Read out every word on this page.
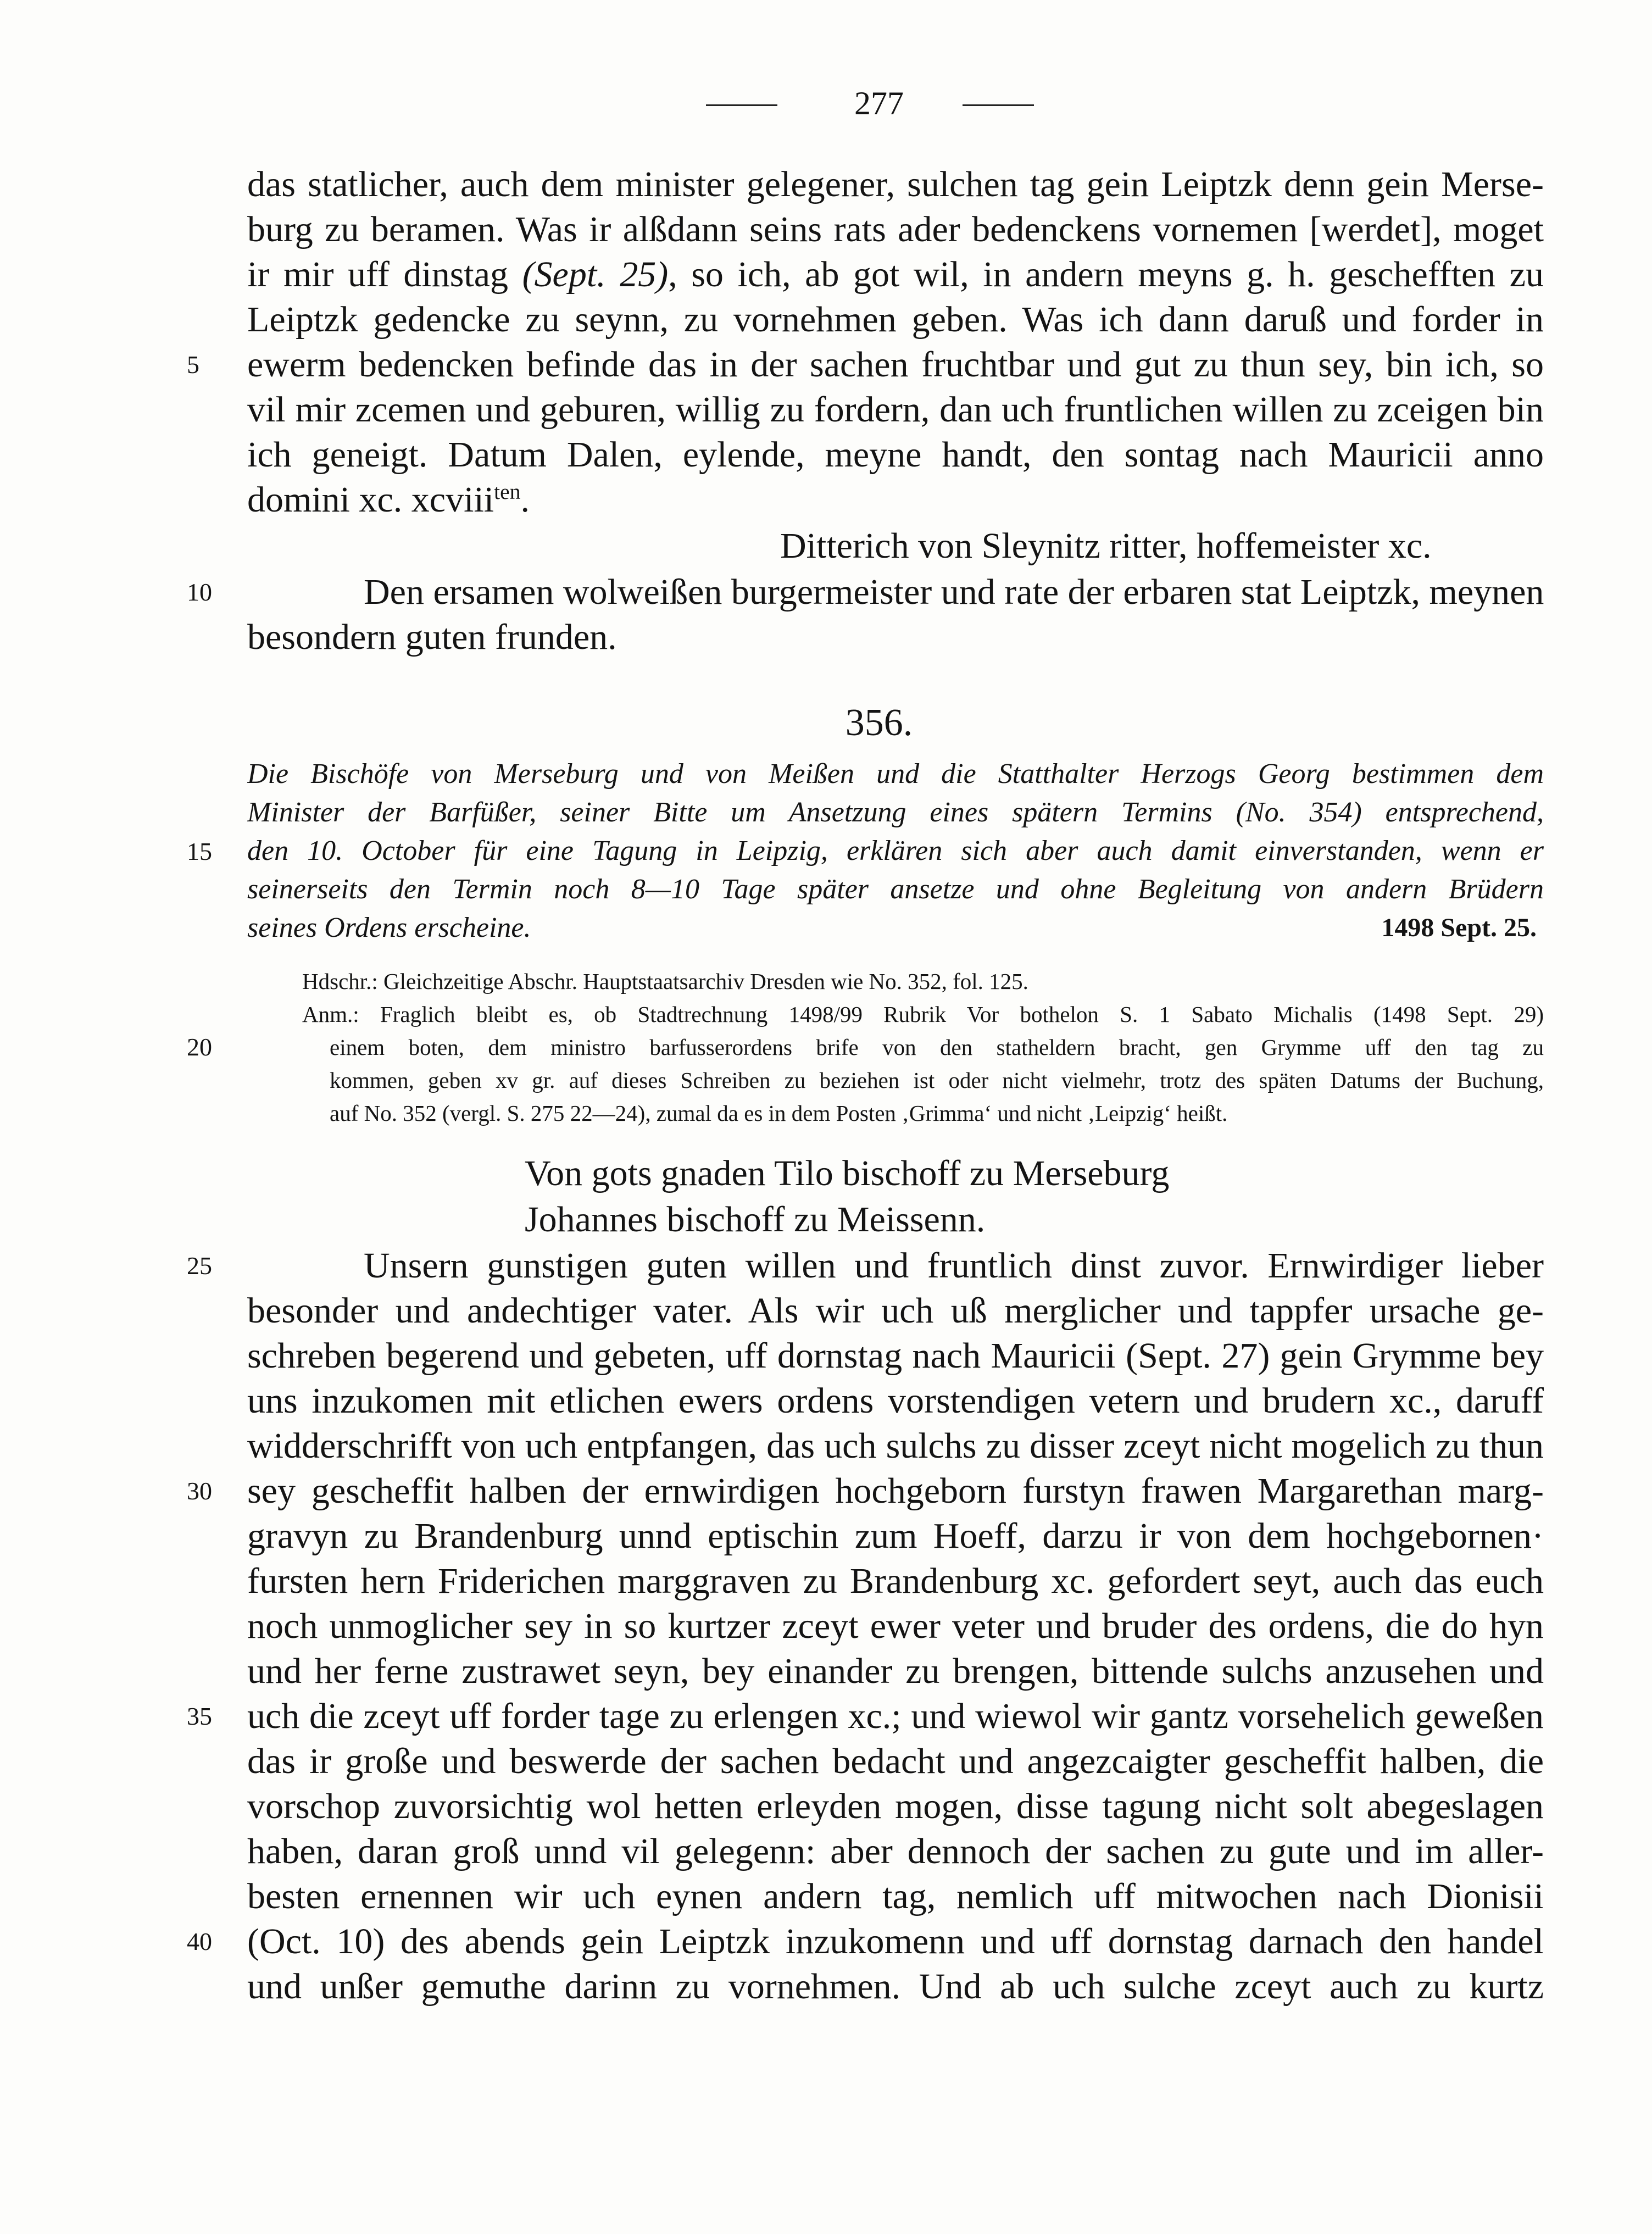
277
das statlicher, auch dem minister gelegener, sulchen tag gein Leiptzk denn gein Merse-
burg zu beramen. Was ir alßdann seins rats ader bedenckens vornemen [werdet], moget
ir mir uff dinstag (Sept. 25), so ich, ab got wil, in andern meyns g. h. geschefften zu
Leiptzk gedencke zu seynn, zu vornehmen geben. Was ich dann daruß und forder in
5	ewerm bedencken befinde das in der sachen fruchtbar und gut zu thun sey, bin ich, so
vil mir zcemen und geburen, willig zu fordern, dan uch fruntlichen willen zu zceigen bin
ich geneigt. Datum Dalen, eylende, meyne handt, den sontag nach Mauricii anno
domini xc. xcviii$^{ten}$.
Ditterich von Sleynitz ritter, hoffemeister xc.
10	Den ersamen wolweißen burgermeister und rate der erbaren stat Leiptzk, meynen
besondern guten frunden.
356.
Die Bischöfe von Merseburg und von Meißen und die Statthalter Herzogs Georg bestimmen dem
Minister der Barfüßer, seiner Bitte um Ansetzung eines spätern Termins (No. 354) entsprechend,
15	den 10. October für eine Tagung in Leipzig, erklären sich aber auch damit einverstanden, wenn er
seinerseits den Termin noch 8—10 Tage später ansetze und ohne Begleitung von andern Brüdern
seines Ordens erscheine.	1498 Sept. 25.
Hdschr.: Gleichzeitige Abschr. Hauptstaatsarchiv Dresden wie No. 352, fol. 125.
Anm.: Fraglich bleibt es, ob Stadtrechnung 1498/99 Rubrik Vor bothelon S. 1 Sabato Michalis (1498 Sept. 29)
20	einem boten, dem ministro barfusserordens brife von den statheldern bracht, gen Grymme uff den tag zu
kommen, geben xv gr. auf dieses Schreiben zu beziehen ist oder nicht vielmehr, trotz des späten Datums der Buchung,
auf No. 352 (vergl. S. 275 22—24), zumal da es in dem Posten ‚Grimma‘ und nicht ‚Leipzig‘ heißt.
Von gots gnaden Tilo bischoff zu Merseburg
Johannes bischoff zu Meissenn.
25	Unsern gunstigen guten willen und fruntlich dinst zuvor. Ernwirdiger lieber
besonder und andechtiger vater. Als wir uch uß merglicher und tappfer ursache ge-
schreben begerend und gebeten, uff dornstag nach Mauricii (Sept. 27) gein Grymme bey
uns inzukomen mit etlichen ewers ordens vorstendigen vetern und brudern xc., daruff
widderschrifft von uch entpfangen, das uch sulchs zu disser zceyt nicht mogelich zu thun
30 sey gescheffit halben der ernwirdigen hochgeborn furstyn frawen Margarethan marg-
gravyn zu Brandenburg unnd eptischin zum Hoeff, darzu ir von dem hochgebornen·
fursten hern Friderichen marggraven zu Brandenburg xc. gefordert seyt, auch das euch
noch unmoglicher sey in so kurtzer zceyt ewer veter und bruder des ordens, die do hyn
und her ferne zustrawet seyn, bey einander zu brengen, bittende sulchs anzusehen und
35 uch die zceyt uff forder tage zu erlengen xc.; und wiewol wir gantz vorsehelich geweßen
das ir große und beswerde der sachen bedacht und angezcaigter gescheffit halben, die
vorschop zuvorsichtig wol hetten erleyden mogen, disse tagung nicht solt abegeslagen
haben, daran groß unnd vil gelegenn: aber dennoch der sachen zu gute und im aller-
besten ernennen wir uch eynen andern tag, nemlich uff mitwochen nach Dionisii
40 (Oct. 10) des abends gein Leiptzk inzukomenn und uff dornstag darnach den handel
und unßer gemuthe darinn zu vornehmen. Und ab uch sulche zceyt auch zu kurtz
